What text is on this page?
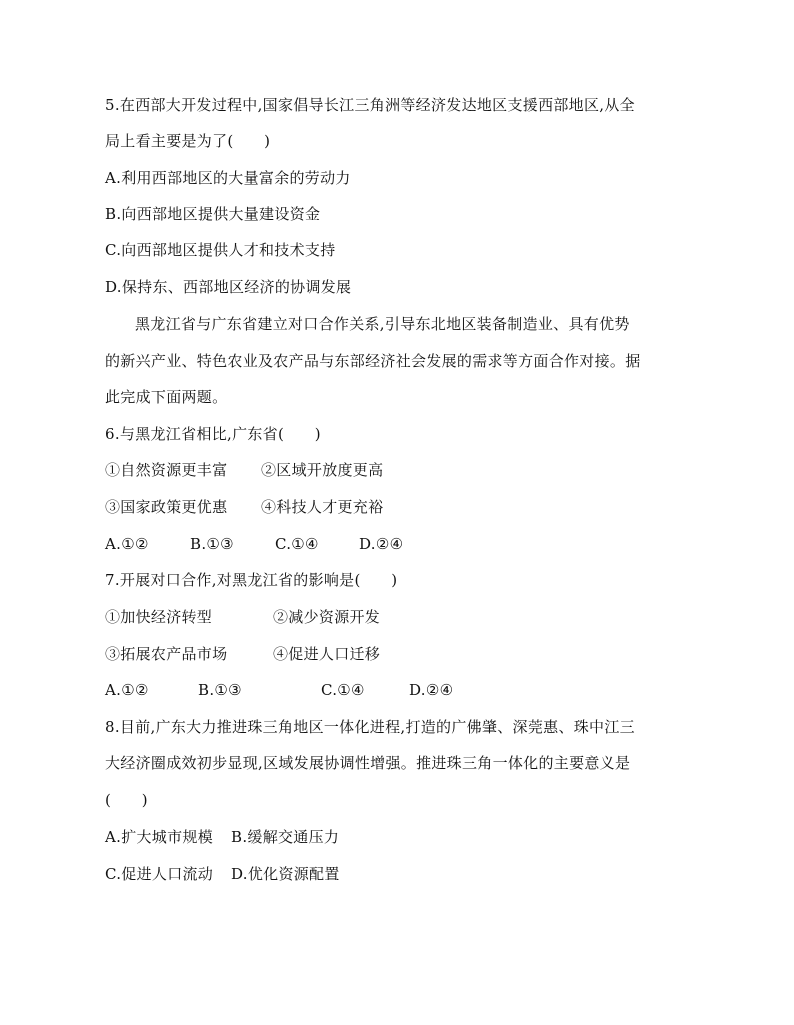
5.在西部大开发过程中,国家倡导长江三角洲等经济发达地区支援西部地区,从全
局上看主要是为了(　　)
A.利用西部地区的大量富余的劳动力
B.向西部地区提供大量建设资金
C.向西部地区提供人才和技术支持
D.保持东、西部地区经济的协调发展
黑龙江省与广东省建立对口合作关系,引导东北地区装备制造业、具有优势
的新兴产业、特色农业及农产品与东部经济社会发展的需求等方面合作对接。据
此完成下面两题。
6.与黑龙江省相比,广东省(　　)
①自然资源更丰富 ②区域开放度更高
③国家政策更优惠 ④科技人才更充裕
A.①②	B.①③	C.①④	D.②④
7.开展对口合作,对黑龙江省的影响是(　　)
①加快经济转型	②减少资源开发
③拓展农产品市场	④促进人口迁移
A.①②	B.①③	C.①④	D.②④
8.目前,广东大力推进珠三角地区一体化进程,打造的广佛肇、深莞惠、珠中江三
大经济圈成效初步显现,区域发展协调性增强。推进珠三角一体化的主要意义是
(　　)
A.扩大城市规模 B.缓解交通压力
C.促进人口流动 D.优化资源配置
